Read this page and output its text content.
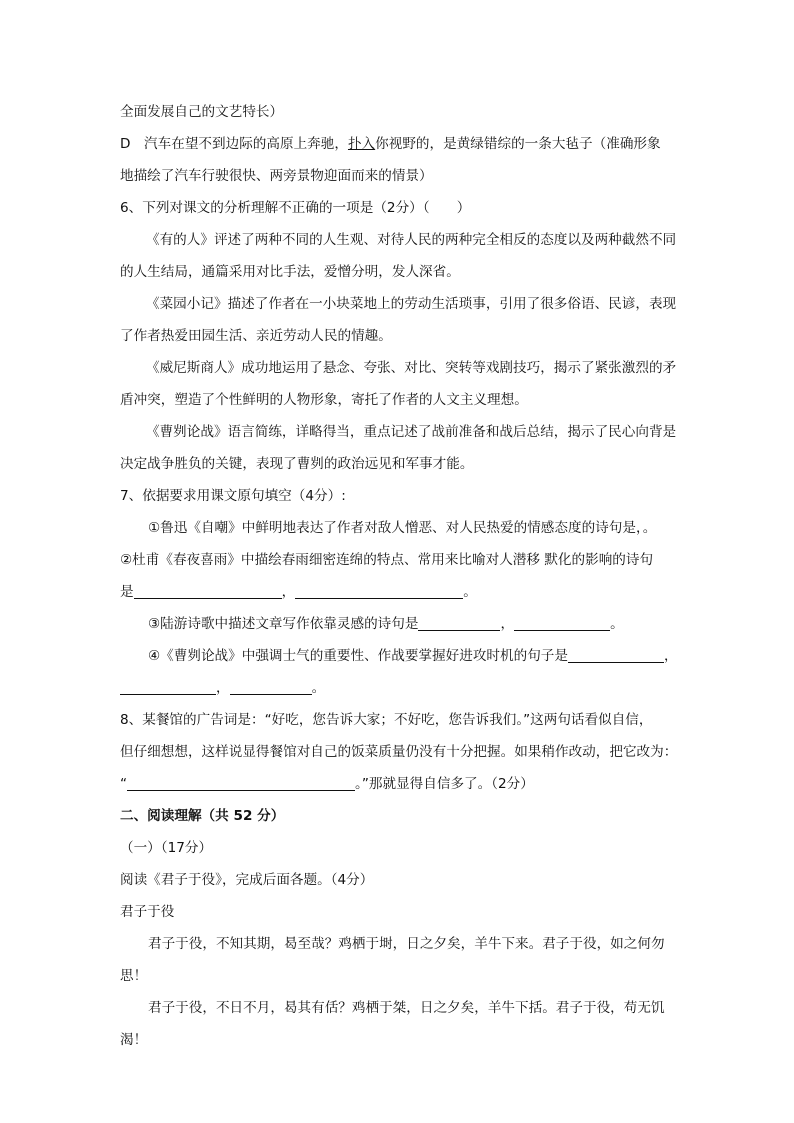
全面发展自己的文艺特长）
D　汽车在望不到边际的高原上奔驰，扑入你视野的，是黄绿错综的一条大毡子（准确形象
地描绘了汽车行驶很快、两旁景物迎面而来的情景）
6、下列对课文的分析理解不正确的一项是（2分）（　　）
《有的人》评述了两种不同的人生观、对待人民的两种完全相反的态度以及两种截然不同
的人生结局，通篇采用对比手法，爱憎分明，发人深省。
《菜园小记》描述了作者在一小块菜地上的劳动生活琐事，引用了很多俗语、民谚，表现
了作者热爱田园生活、亲近劳动人民的情趣。
《威尼斯商人》成功地运用了悬念、夸张、对比、突转等戏剧技巧，揭示了紧张激烈的矛
盾冲突，塑造了个性鲜明的人物形象，寄托了作者的人文主义理想。
《曹刿论战》语言简练，详略得当，重点记述了战前准备和战后总结，揭示了民心向背是
决定战争胜负的关键，表现了曹刿的政治远见和军事才能。
7、依据要求用课文原句填空（4分）:
①鲁迅《自嘲》中鲜明地表达了作者对敌人憎恶、对人民热爱的情感态度的诗句是，。
②杜甫《春夜喜雨》中描绘春雨细密连绵的特点、常用来比喻对人潜移 默化的影响的诗句
是	，	。
③陆游诗歌中描述文章写作依靠灵感的诗句是	，	。
④《曹刿论战》中强调士气的重要性、作战要掌握好进攻时机的句子是	，
，	。
8、某餐馆的广告词是：“好吃，您告诉大家；不好吃，您告诉我们。”这两句话看似自信，
但仔细想想，这样说显得餐馆对自己的饭菜质量仍没有十分把握。如果稍作改动，把它改为：
“	。”那就显得自信多了。（2分）
二、阅读理解（共 52 分）
（一）（17分）
阅读《君子于役》，完成后面各题。（4分）
君子于役
君子于役，不知其期，曷至哉？鸡栖于埘，日之夕矣，羊牛下来。君子于役，如之何勿
思！
君子于役，不日不月，曷其有佸？鸡栖于桀，日之夕矣，羊牛下括。君子于役，苟无饥
渴！
